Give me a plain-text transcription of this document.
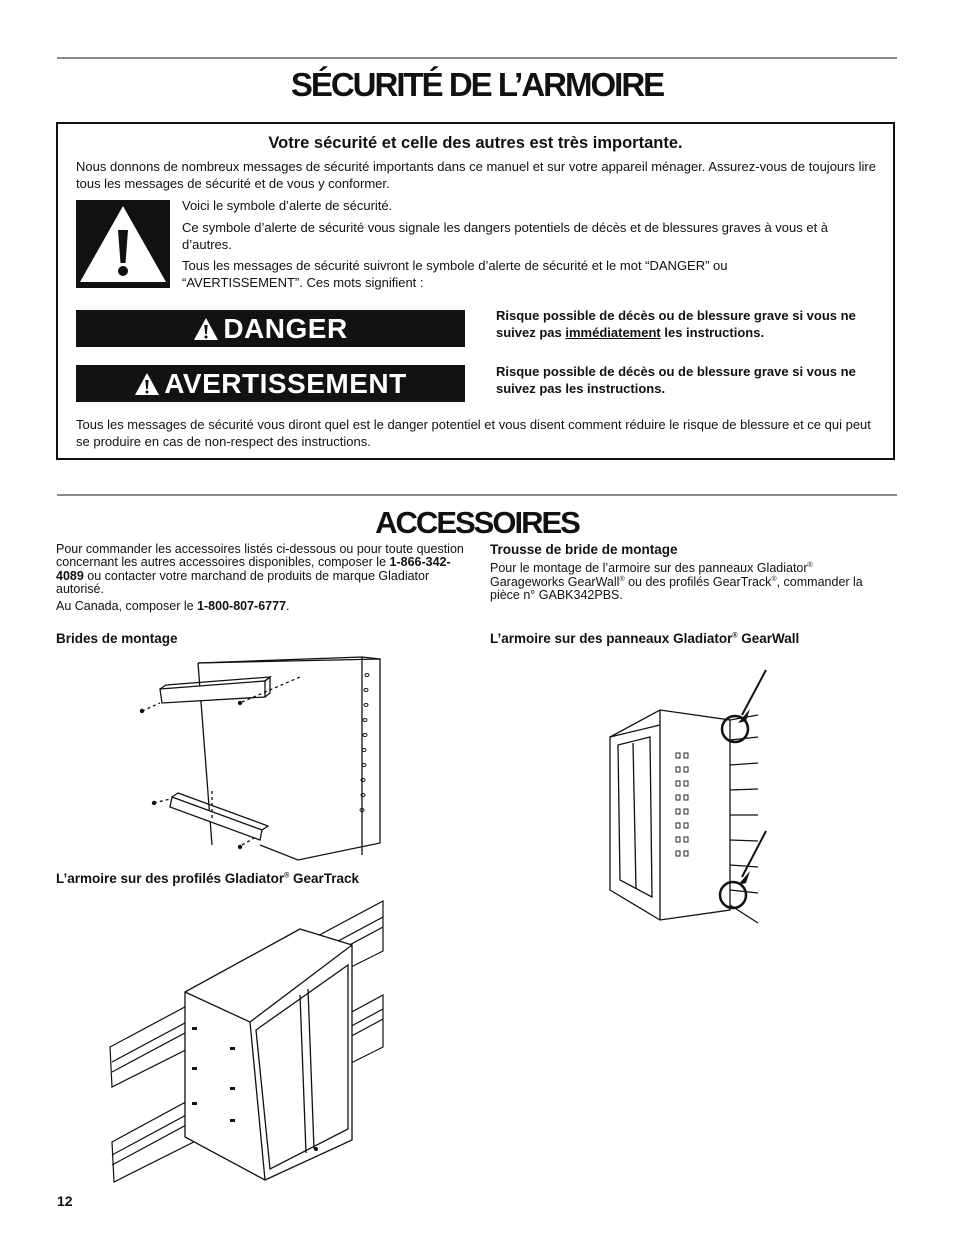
SÉCURITÉ DE L’ARMOIRE
Votre sécurité et celle des autres est très importante.
Nous donnons de nombreux messages de sécurité importants dans ce manuel et sur votre appareil ménager. Assurez-vous de toujours lire tous les messages de sécurité et de vous y conformer.
Voici le symbole d’alerte de sécurité.
Ce symbole d’alerte de sécurité vous signale les dangers potentiels de décès et de blessures graves à vous et à d’autres.
Tous les messages de sécurité suivront le symbole d’alerte de sécurité et le mot “DANGER” ou “AVERTISSEMENT”. Ces mots signifient :
DANGER	Risque possible de décès ou de blessure grave si vous ne suivez pas immédiatement les instructions.
AVERTISSEMENT	Risque possible de décès ou de blessure grave si vous ne suivez pas les instructions.
Tous les messages de sécurité vous diront quel est le danger potentiel et vous disent comment réduire le risque de blessure et ce qui peut se produire en cas de non-respect des instructions.
ACCESSOIRES
Pour commander les accessoires listés ci-dessous ou pour toute question concernant les autres accessoires disponibles, composer le 1-866-342-4089 ou contacter votre marchand de produits de marque Gladiator autorisé.
Au Canada, composer le 1-800-807-6777.
Trousse de bride de montage
Pour le montage de l’armoire sur des panneaux Gladiator®
Garageworks GearWall® ou des profilés GearTrack®, commander la pièce n° GABK342PBS.
Brides de montage	L’armoire sur des panneaux Gladiator® GearWall
L’armoire sur des profilés Gladiator® GearTrack
12
